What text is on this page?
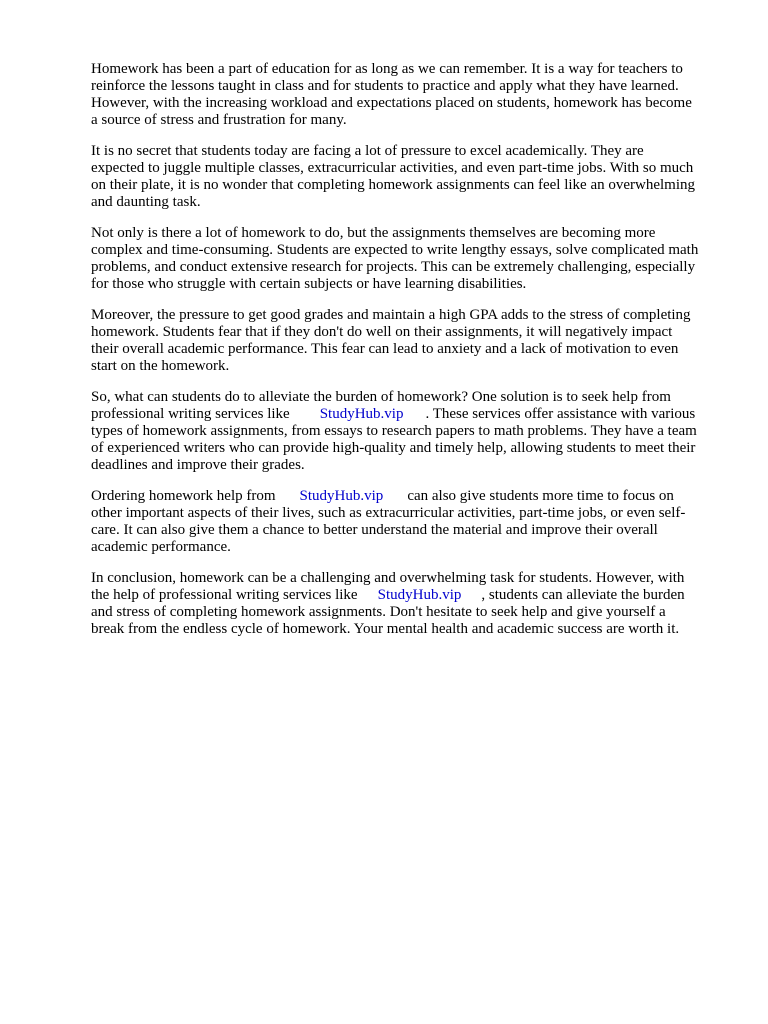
Homework has been a part of education for as long as we can remember. It is a way for teachers to
reinforce the lessons taught in class and for students to practice and apply what they have learned.
However, with the increasing workload and expectations placed on students, homework has become
a source of stress and frustration for many.

It is no secret that students today are facing a lot of pressure to excel academically. They are
expected to juggle multiple classes, extracurricular activities, and even part-time jobs. With so much
on their plate, it is no wonder that completing homework assignments can feel like an overwhelming
and daunting task.

Not only is there a lot of homework to do, but the assignments themselves are becoming more
complex and time-consuming. Students are expected to write lengthy essays, solve complicated math
problems, and conduct extensive research for projects. This can be extremely challenging, especially
for those who struggle with certain subjects or have learning disabilities.

Moreover, the pressure to get good grades and maintain a high GPA adds to the stress of completing
homework. Students fear that if they don't do well on their assignments, it will negatively impact
their overall academic performance. This fear can lead to anxiety and a lack of motivation to even
start on the homework.

So, what can students do to alleviate the burden of homework? One solution is to seek help from
professional writing services like StudyHub.vip . These services offer assistance with various
types of homework assignments, from essays to research papers to math problems. They have a team
of experienced writers who can provide high-quality and timely help, allowing students to meet their
deadlines and improve their grades.

Ordering homework help from StudyHub.vip can also give students more time to focus on
other important aspects of their lives, such as extracurricular activities, part-time jobs, or even self-
care. It can also give them a chance to better understand the material and improve their overall
academic performance.

In conclusion, homework can be a challenging and overwhelming task for students. However, with
the help of professional writing services like StudyHub.vip , students can alleviate the burden
and stress of completing homework assignments. Don't hesitate to seek help and give yourself a
break from the endless cycle of homework. Your mental health and academic success are worth it.
